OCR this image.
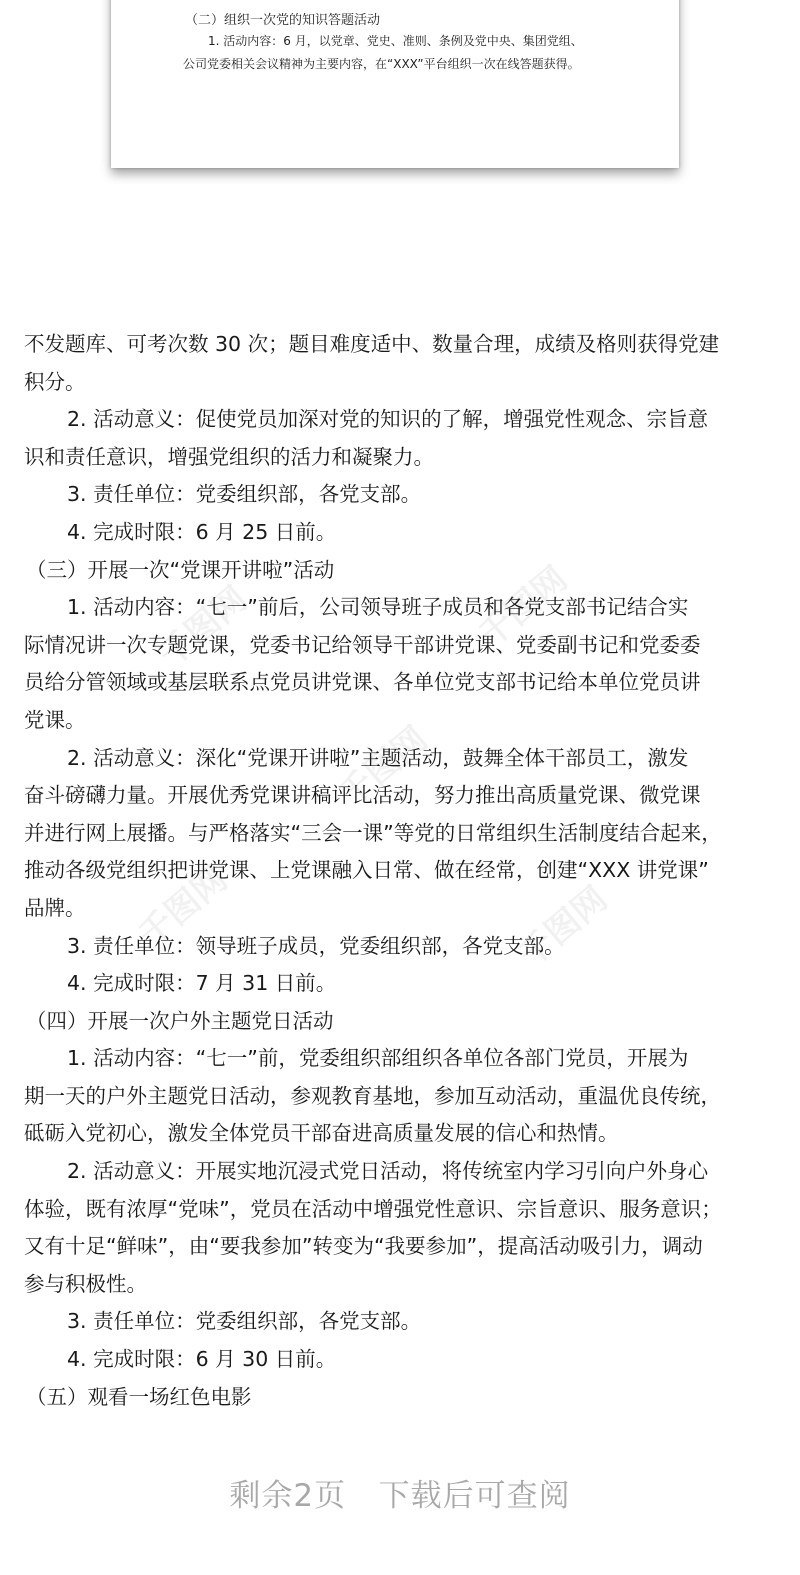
（二）组织一次党的知识答题活动
1. 活动内容：6 月，以党章、党史、准则、条例及党中央、集团党组、
公司党委相关会议精神为主要内容，在“XXX”平台组织一次在线答题获得。
千图网
千图网
千图网
千图网	千图网
不发题库、可考次数 30 次；题目难度适中、数量合理，成绩及格则获得党建
积分。
2. 活动意义：促使党员加深对党的知识的了解，增强党性观念、宗旨意
识和责任意识，增强党组织的活力和凝聚力。
3. 责任单位：党委组织部，各党支部。
4. 完成时限：6 月 25 日前。
（三）开展一次“党课开讲啦”活动
1. 活动内容：“七一”前后，公司领导班子成员和各党支部书记结合实
际情况讲一次专题党课，党委书记给领导干部讲党课、党委副书记和党委委
员给分管领域或基层联系点党员讲党课、各单位党支部书记给本单位党员讲
党课。
2. 活动意义：深化“党课开讲啦”主题活动，鼓舞全体干部员工，激发
奋斗磅礴力量。开展优秀党课讲稿评比活动，努力推出高质量党课、微党课
并进行网上展播。与严格落实“三会一课”等党的日常组织生活制度结合起来，
推动各级党组织把讲党课、上党课融入日常、做在经常，创建“XXX 讲党课”
品牌。
3. 责任单位：领导班子成员，党委组织部，各党支部。
4. 完成时限：7 月 31 日前。
（四）开展一次户外主题党日活动
1. 活动内容：“七一”前，党委组织部组织各单位各部门党员，开展为
期一天的户外主题党日活动，参观教育基地，参加互动活动，重温优良传统，
砥砺入党初心，激发全体党员干部奋进高质量发展的信心和热情。
2. 活动意义：开展实地沉浸式党日活动，将传统室内学习引向户外身心
体验，既有浓厚“党味”，党员在活动中增强党性意识、宗旨意识、服务意识；
又有十足“鲜味”，由“要我参加”转变为“我要参加”，提高活动吸引力，调动
参与积极性。
3. 责任单位：党委组织部，各党支部。
4. 完成时限：6 月 30 日前。
（五）观看一场红色电影
剩余2页 下载后可查阅
